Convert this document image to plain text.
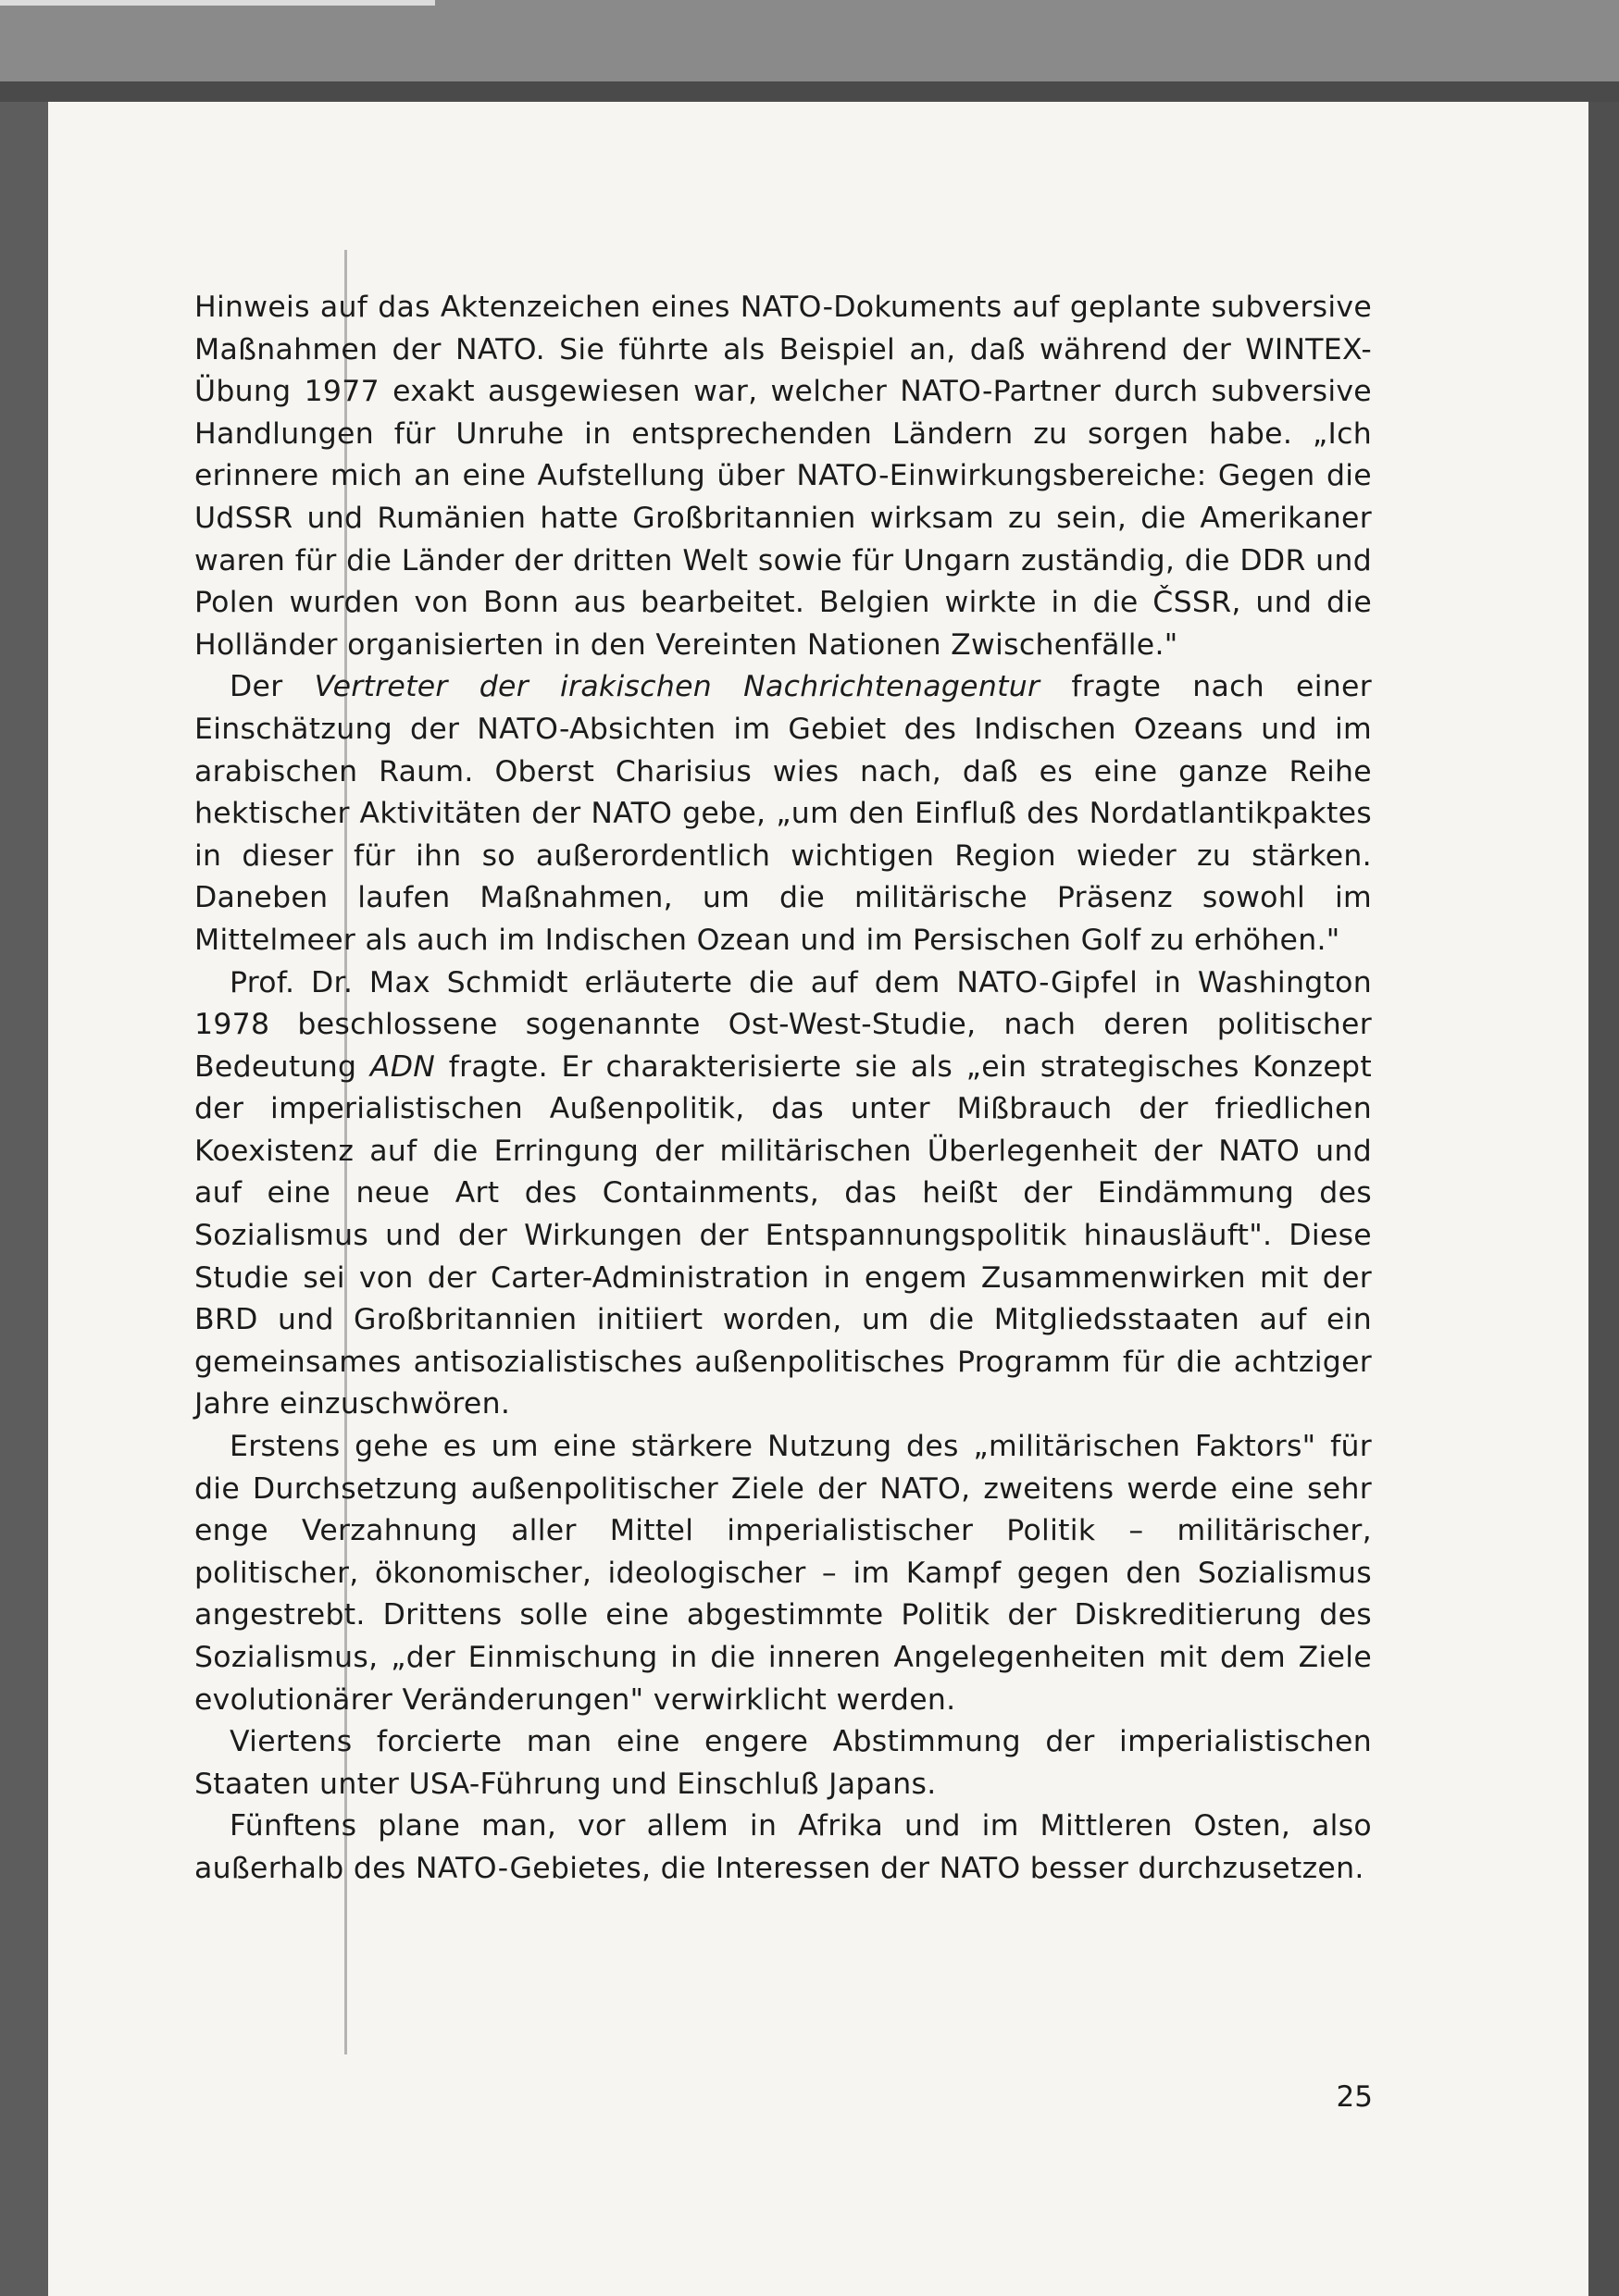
Hinweis auf das Aktenzeichen eines NATO-Dokuments auf geplante subversive Maßnahmen der NATO. Sie führte als Beispiel an, daß während der WINTEX-Übung 1977 exakt ausgewiesen war, welcher NATO-Partner durch subversive Handlungen für Unruhe in entsprechenden Ländern zu sorgen habe. „Ich erinnere mich an eine Aufstellung über NATO-Einwirkungsbereiche: Gegen die UdSSR und Rumänien hatte Großbritannien wirksam zu sein, die Amerikaner waren für die Länder der dritten Welt sowie für Ungarn zuständig, die DDR und Polen wurden von Bonn aus bearbeitet. Belgien wirkte in die ČSSR, und die Holländer organisierten in den Vereinten Nationen Zwischenfälle."

Der Vertreter der irakischen Nachrichtenagentur fragte nach einer Einschätzung der NATO-Absichten im Gebiet des Indischen Ozeans und im arabischen Raum. Oberst Charisius wies nach, daß es eine ganze Reihe hektischer Aktivitäten der NATO gebe, „um den Einfluß des Nordatlantikpaktes in dieser für ihn so außerordentlich wichtigen Region wieder zu stärken. Daneben laufen Maßnahmen, um die militärische Präsenz sowohl im Mittelmeer als auch im Indischen Ozean und im Persischen Golf zu erhöhen."

Prof. Dr. Max Schmidt erläuterte die auf dem NATO-Gipfel in Washington 1978 beschlossene sogenannte Ost-West-Studie, nach deren politischer Bedeutung ADN fragte. Er charakterisierte sie als „ein strategisches Konzept der imperialistischen Außenpolitik, das unter Mißbrauch der friedlichen Koexistenz auf die Erringung der militärischen Überlegenheit der NATO und auf eine neue Art des Containments, das heißt der Eindämmung des Sozialismus und der Wirkungen der Entspannungspolitik hinausläuft". Diese Studie sei von der Carter-Administration in engem Zusammenwirken mit der BRD und Großbritannien initiiert worden, um die Mitgliedsstaaten auf ein gemeinsames antisozialistisches außenpolitisches Programm für die achtziger Jahre einzuschwören.

Erstens gehe es um eine stärkere Nutzung des „militärischen Faktors" für die Durchsetzung außenpolitischer Ziele der NATO, zweitens werde eine sehr enge Verzahnung aller Mittel imperialistischer Politik – militärischer, politischer, ökonomischer, ideologischer – im Kampf gegen den Sozialismus angestrebt. Drittens solle eine abgestimmte Politik der Diskreditierung des Sozialismus, „der Einmischung in die inneren Angelegenheiten mit dem Ziele evolutionärer Veränderungen" verwirklicht werden.

Viertens forcierte man eine engere Abstimmung der imperialistischen Staaten unter USA-Führung und Einschluß Japans.

Fünftens plane man, vor allem in Afrika und im Mittleren Osten, also außerhalb des NATO-Gebietes, die Interessen der NATO besser durchzusetzen.

25
